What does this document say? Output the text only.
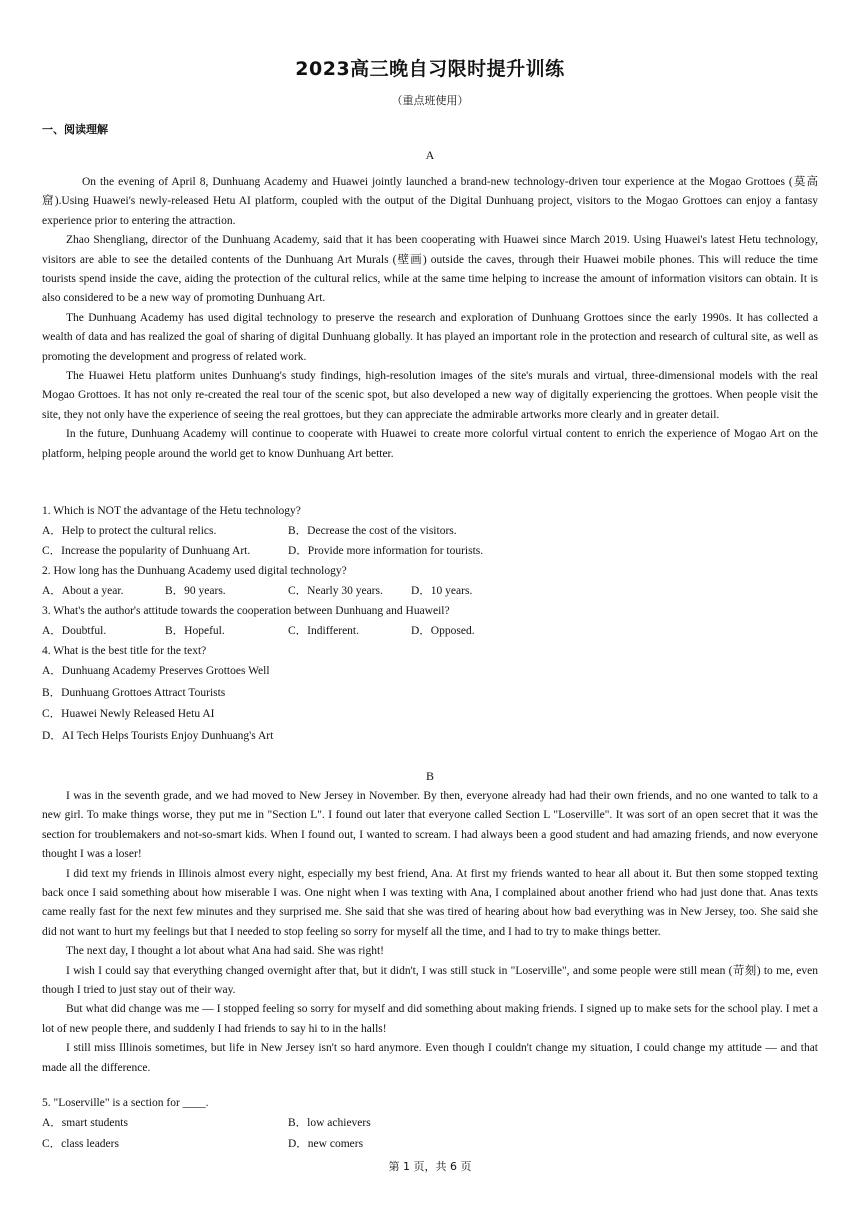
2023高三晚自习限时提升训练
（重点班使用）
一、阅读理解
A

On the evening of April 8, Dunhuang Academy and Huawei jointly launched a brand-new technology-driven tour experience at the Mogao Grottoes (莫高窟).Using Huawei's newly-released Hetu AI platform, coupled with the output of the Digital Dunhuang project, visitors to the Mogao Grottoes can enjoy a fantasy experience prior to entering the attraction.

Zhao Shengliang, director of the Dunhuang Academy, said that it has been cooperating with Huawei since March 2019. Using Huawei's latest Hetu technology, visitors are able to see the detailed contents of the Dunhuang Art Murals (壁画) outside the caves, through their Huawei mobile phones. This will reduce the time tourists spend inside the cave, aiding the protection of the cultural relics, while at the same time helping to increase the amount of information visitors can obtain. It is also considered to be a new way of promoting Dunhuang Art.

The Dunhuang Academy has used digital technology to preserve the research and exploration of Dunhuang Grottoes since the early 1990s. It has collected a wealth of data and has realized the goal of sharing of digital Dunhuang globally. It has played an important role in the protection and research of cultural site, as well as promoting the development and progress of related work.

The Huawei Hetu platform unites Dunhuang's study findings, high-resolution images of the site's murals and virtual, three-dimensional models with the real Mogao Grottoes. It has not only re-created the real tour of the scenic spot, but also developed a new way of digitally experiencing the grottoes. When people visit the site, they not only have the experience of seeing the real grottoes, but they can appreciate the admirable artworks more clearly and in greater detail.

In the future, Dunhuang Academy will continue to cooperate with Huawei to create more colorful virtual content to enrich the experience of Mogao Art on the platform, helping people around the world get to know Dunhuang Art better.

1. Which is NOT the advantage of the Hetu technology?
A．Help to protect the cultural relics.	B．Decrease the cost of the visitors.
C．Increase the popularity of Dunhuang Art.	D．Provide more information for tourists.
2. How long has the Dunhuang Academy used digital technology?
A．About a year.	B．90 years.	C．Nearly 30 years.	D．10 years.
3. What's the author's attitude towards the cooperation between Dunhuang and Huaweil?
A．Doubtful.	B．Hopeful.	C．Indifferent.	D．Opposed.
4. What is the best title for the text?
A．Dunhuang Academy Preserves Grottoes Well
B．Dunhuang Grottoes Attract Tourists
C．Huawei Newly Released Hetu AI
D．AI Tech Helps Tourists Enjoy Dunhuang's Art
B

I was in the seventh grade, and we had moved to New Jersey in November. By then, everyone already had had their own friends, and no one wanted to talk to a new girl. To make things worse, they put me in "Section L". I found out later that everyone called Section L "Loserville". It was sort of an open secret that it was the section for troublemakers and not-so-smart kids. When I found out, I wanted to scream. I had always been a good student and had amazing friends, and now everyone thought I was a loser!

I did text my friends in Illinois almost every night, especially my best friend, Ana. At first my friends wanted to hear all about it. But then some stopped texting back once I said something about how miserable I was. One night when I was texting with Ana, I complained about another friend who had just done that. Anas texts came really fast for the next few minutes and they surprised me. She said that she was tired of hearing about how bad everything was in New Jersey, too. She said she did not want to hurt my feelings but that I needed to stop feeling so sorry for myself all the time, and I had to try to make things better.

The next day, I thought a lot about what Ana had said. She was right!

I wish I could say that everything changed overnight after that, but it didn't, I was still stuck in "Loserville", and some people were still mean (苛刻) to me, even though I tried to just stay out of their way.

But what did change was me — I stopped feeling so sorry for myself and did something about making friends. I signed up to make sets for the school play. I met a lot of new people there, and suddenly I had friends to say hi to in the halls!

I still miss Illinois sometimes, but life in New Jersey isn't so hard anymore. Even though I couldn't change my situation, I could change my attitude — and that made all the difference.

5. "Loserville" is a section for ____.
A．smart students	B．low achievers
C．class leaders	D．new comers
第 1 页，共 6 页
